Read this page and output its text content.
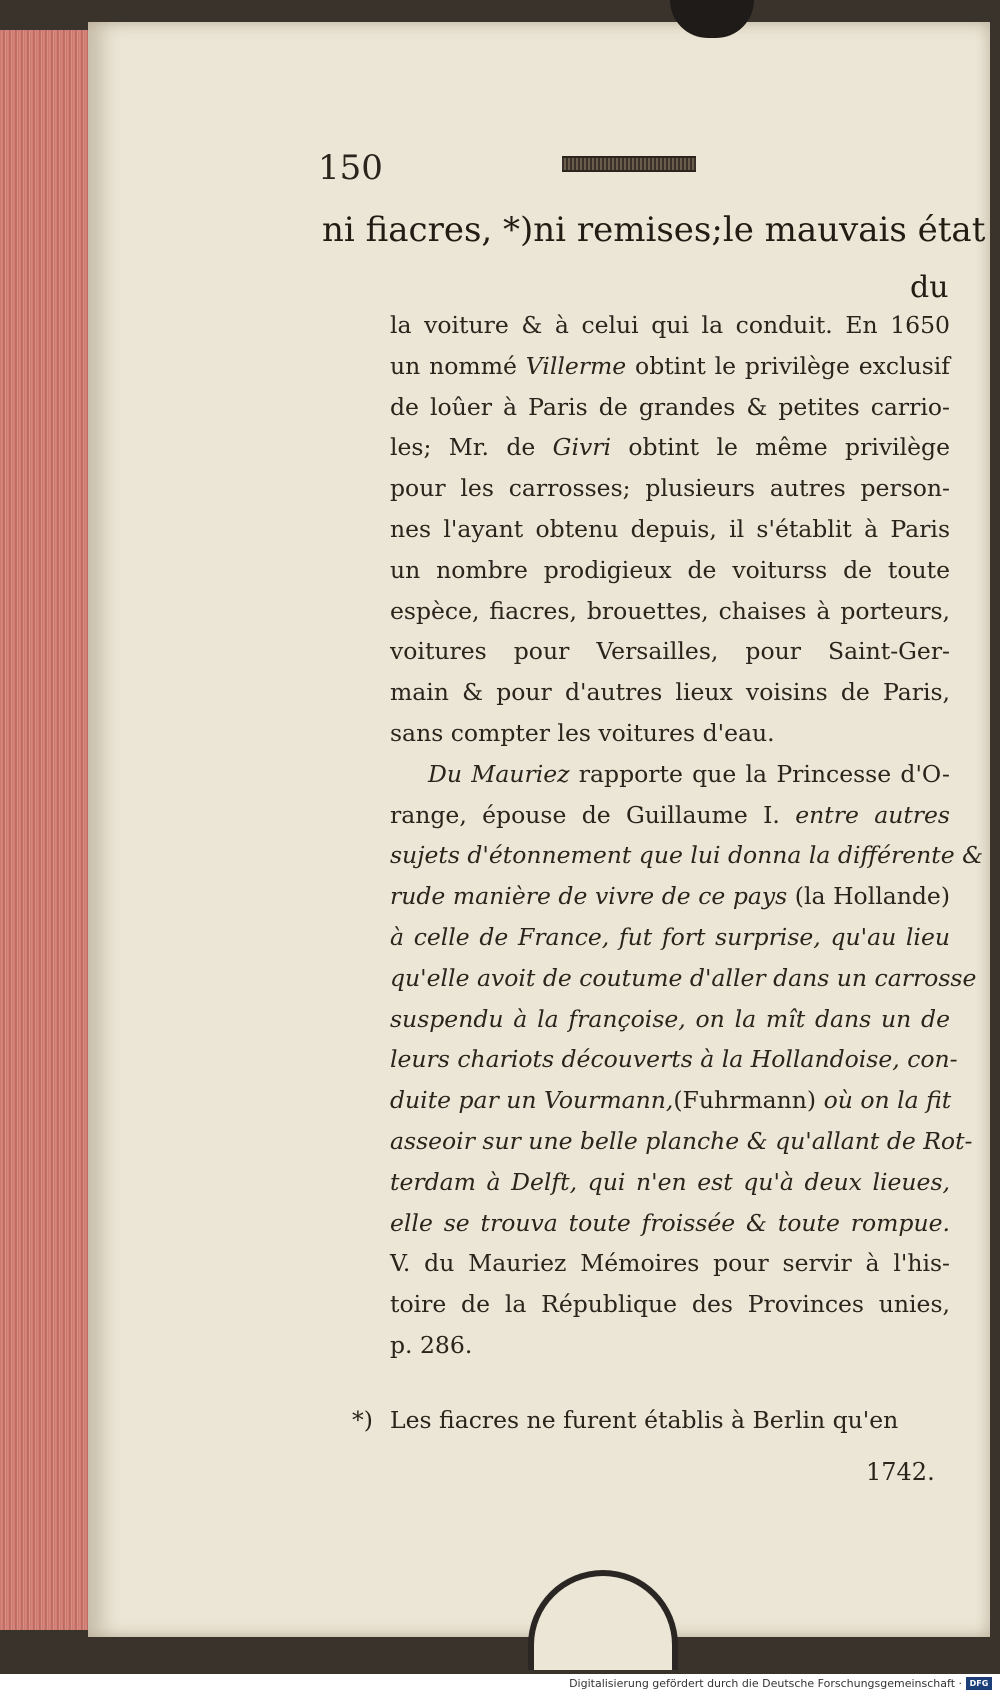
150
ni fiacres, *) ni remises; le mauvais état
du
la voiture & à celui qui la conduit. En 1650
un nommé Villerme obtint le privilège exclusif
de loûer à Paris de grandes & petites carrio-
les; Mr. de Givri obtint le même privilège
pour les carrosses; plusieurs autres person-
nes l'ayant obtenu depuis, il s'établit à Paris
un nombre prodigieux de voiturss de toute
espèce, fiacres, brouettes, chaises à porteurs,
voitures pour Versailles, pour Saint-Ger-
main & pour d'autres lieux voisins de Paris,
sans compter les voitures d'eau.
Du Mauriez rapporte que la Princesse d'O-
range, épouse de Guillaume I. entre autres
sujets d'étonnement que lui donna la différente &
rude manière de vivre de ce pays (la Hollande)
à celle de France, fut fort surprise, qu'au lieu
qu'elle avoit de coutume d'aller dans un carrosse
suspendu à la françoise, on la mît dans un de
leurs chariots découverts à la Hollandoise, con-
duite par un Vourmann,(Fuhrmann) où on la fit
asseoir sur une belle planche & qu'allant de Rot-
terdam à Delft, qui n'en est qu'à deux lieues,
elle se trouva toute froissée & toute rompue.
V. du Mauriez Mémoires pour servir à l'his-
toire de la République des Provinces unies,
p. 286.
*) Les fiacres ne furent établis à Berlin qu'en
1742.
Digitalisierung gefördert durch die Deutsche Forschungsgemeinschaft · DFG
